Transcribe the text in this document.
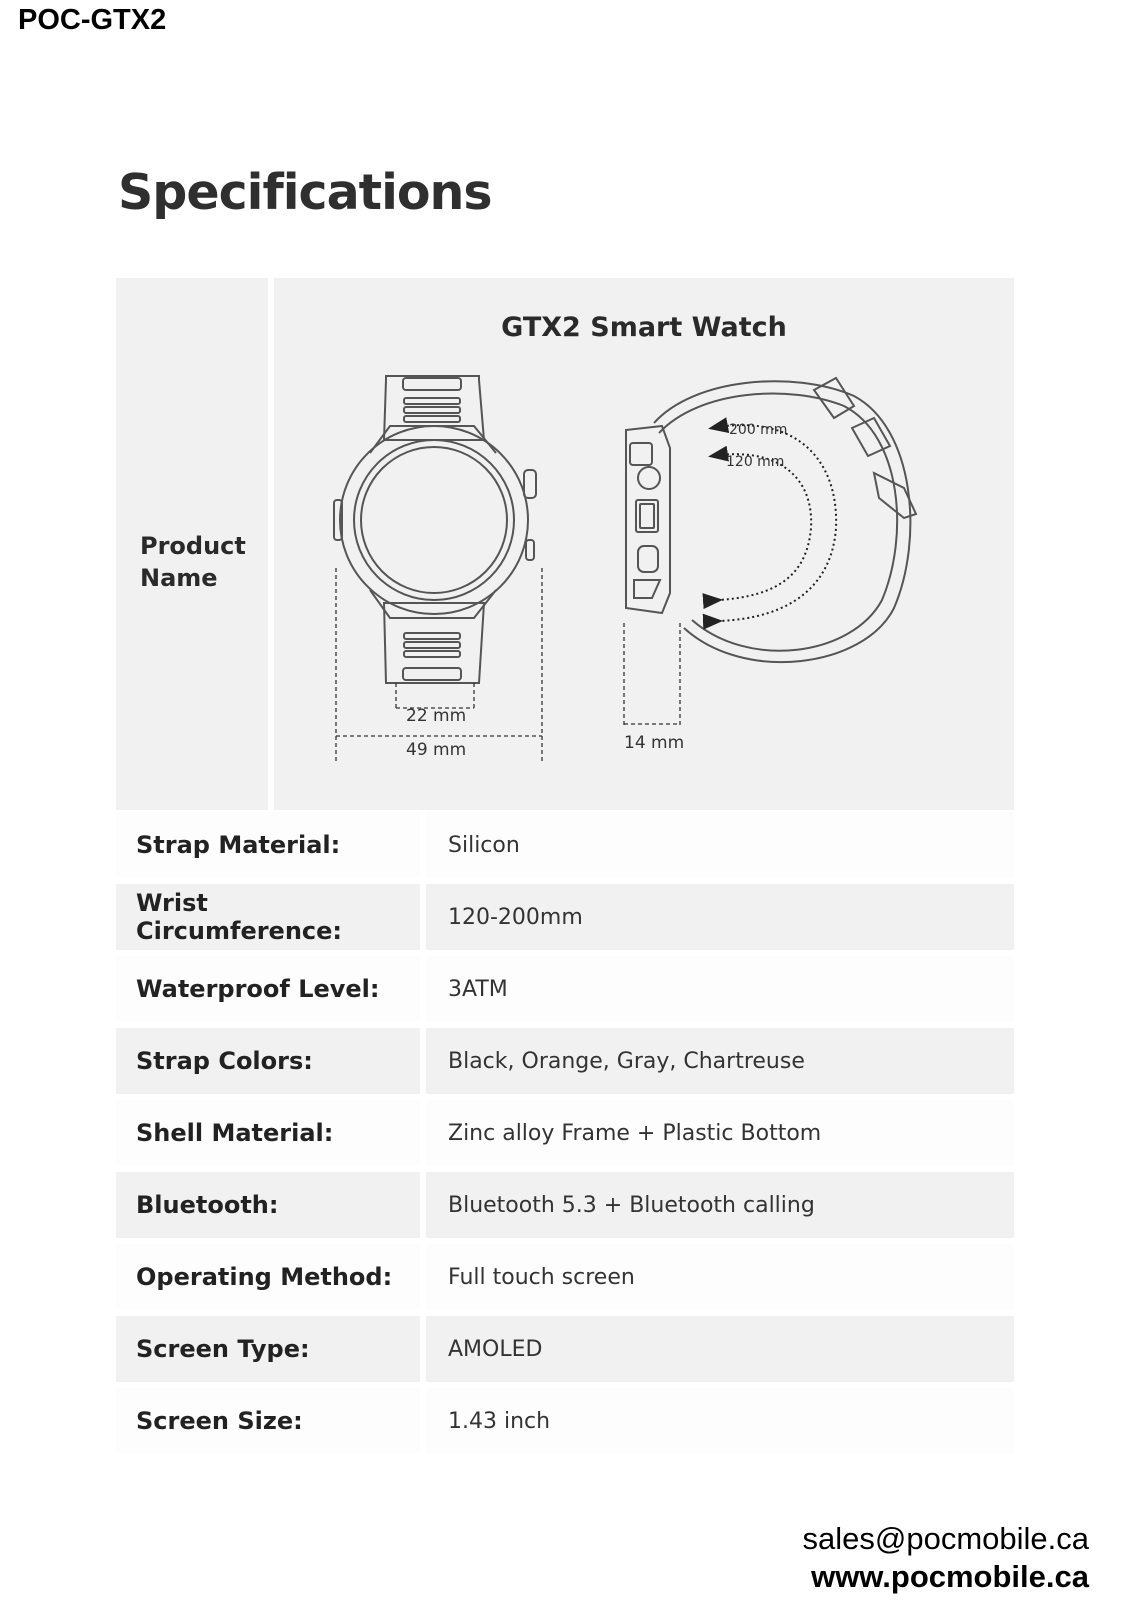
POC-GTX2
Specifications
Product Name
GTX2 Smart Watch
22 mm
49 mm	14 mm
200 mm
120 mm
Strap Material:	Silicon
Wrist Circumference:	120-200mm
Waterproof Level:	3ATM
Strap Colors:	Black, Orange, Gray, Chartreuse
Shell Material:	Zinc alloy Frame + Plastic Bottom
Bluetooth:	Bluetooth 5.3 + Bluetooth calling
Operating Method:	Full touch screen
Screen Type:	AMOLED
Screen Size:	1.43 inch
sales@pocmobile.ca
www.pocmobile.ca
